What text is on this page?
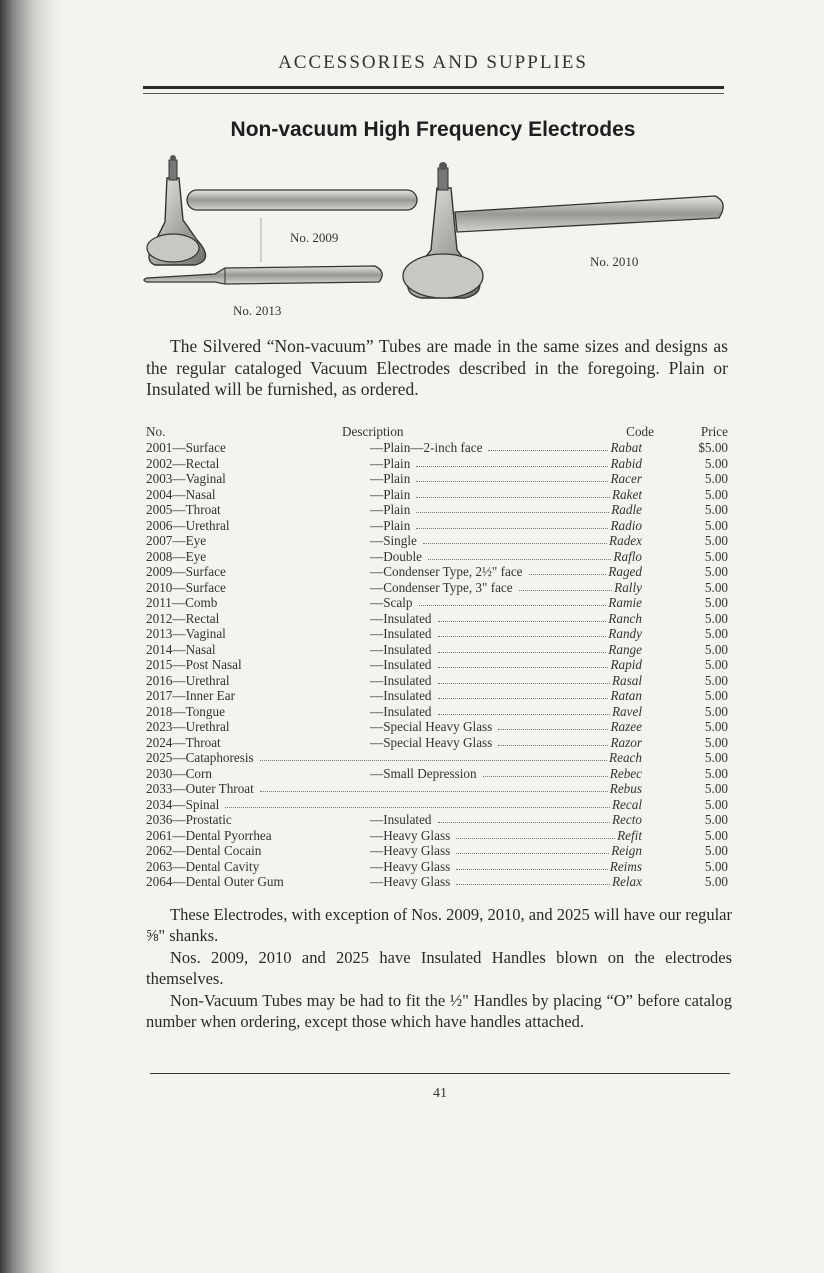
ACCESSORIES AND SUPPLIES
Non-vacuum High Frequency Electrodes
No. 2009
No. 2010
No. 2013
The Silvered “Non-vacuum” Tubes are made in the same sizes and designs as the regular cataloged Vacuum Electrodes described in the foregoing. Plain or Insulated will be furnished, as ordered.
No.	Description	Code	Price
2001—Surface	—Plain—2-inch face	Rabat	$5.00
2002—Rectal	—Plain	Rabid	5.00
2003—Vaginal	—Plain	Racer	5.00
2004—Nasal	—Plain	Raket	5.00
2005—Throat	—Plain	Radle	5.00
2006—Urethral	—Plain	Radio	5.00
2007—Eye	—Single	Radex	5.00
2008—Eye	—Double	Raflo	5.00
2009—Surface	—Condenser Type, 2½" face	Raged	5.00
2010—Surface	—Condenser Type, 3" face	Rally	5.00
2011—Comb	—Scalp	Ramie	5.00
2012—Rectal	—Insulated	Ranch	5.00
2013—Vaginal	—Insulated	Randy	5.00
2014—Nasal	—Insulated	Range	5.00
2015—Post Nasal	—Insulated	Rapid	5.00
2016—Urethral	—Insulated	Rasal	5.00
2017—Inner Ear	—Insulated	Ratan	5.00
2018—Tongue	—Insulated	Ravel	5.00
2023—Urethral	—Special Heavy Glass	Razee	5.00
2024—Throat	—Special Heavy Glass	Razor	5.00
2025—Cataphoresis	Reach	5.00
2030—Corn	—Small Depression	Rebec	5.00
2033—Outer Throat	Rebus	5.00
2034—Spinal	Recal	5.00
2036—Prostatic	—Insulated	Recto	5.00
2061—Dental Pyorrhea	—Heavy Glass	Refit	5.00
2062—Dental Cocain	—Heavy Glass	Reign	5.00
2063—Dental Cavity	—Heavy Glass	Reims	5.00
2064—Dental Outer Gum	—Heavy Glass	Relax	5.00

These Electrodes, with exception of Nos. 2009, 2010, and 2025 will have our regular ⅝" shanks.

Nos. 2009, 2010 and 2025 have Insulated Handles blown on the electrodes themselves.

Non-Vacuum Tubes may be had to fit the ½" Handles by placing “O” before catalog number when ordering, except those which have handles attached.

41
